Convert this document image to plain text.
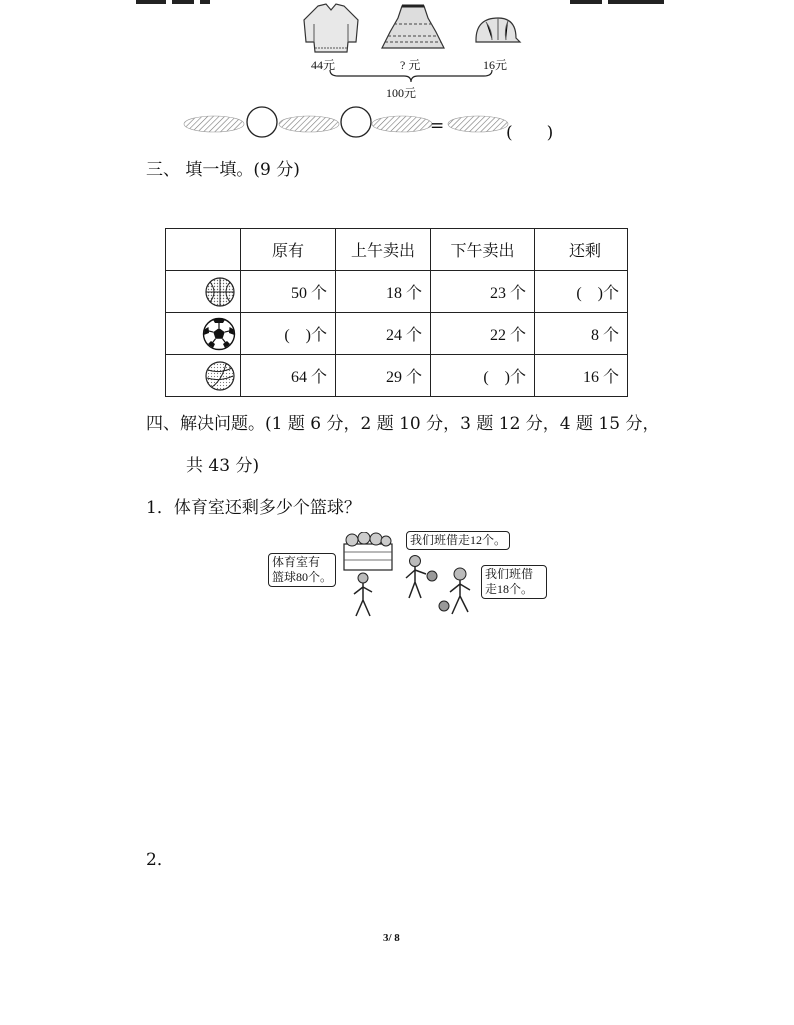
44元	? 元	16元
100元
=	(　　)
三、 填一填。(9 分)
	原有	上午卖出	下午卖出	还剩
	50 个	18 个	23 个	(　)个
	(　)个	24 个	22 个	8 个
	64 个	29 个	(　)个	16 个
四、解决问题。(1 题 6 分，2 题 10 分，3 题 12 分，4 题 15 分，
共 43 分)
1．体育室还剩多少个篮球？
体育室有
篮球80个。
我们班借走12个。
我们班借
走18个。
2．
3/ 8
